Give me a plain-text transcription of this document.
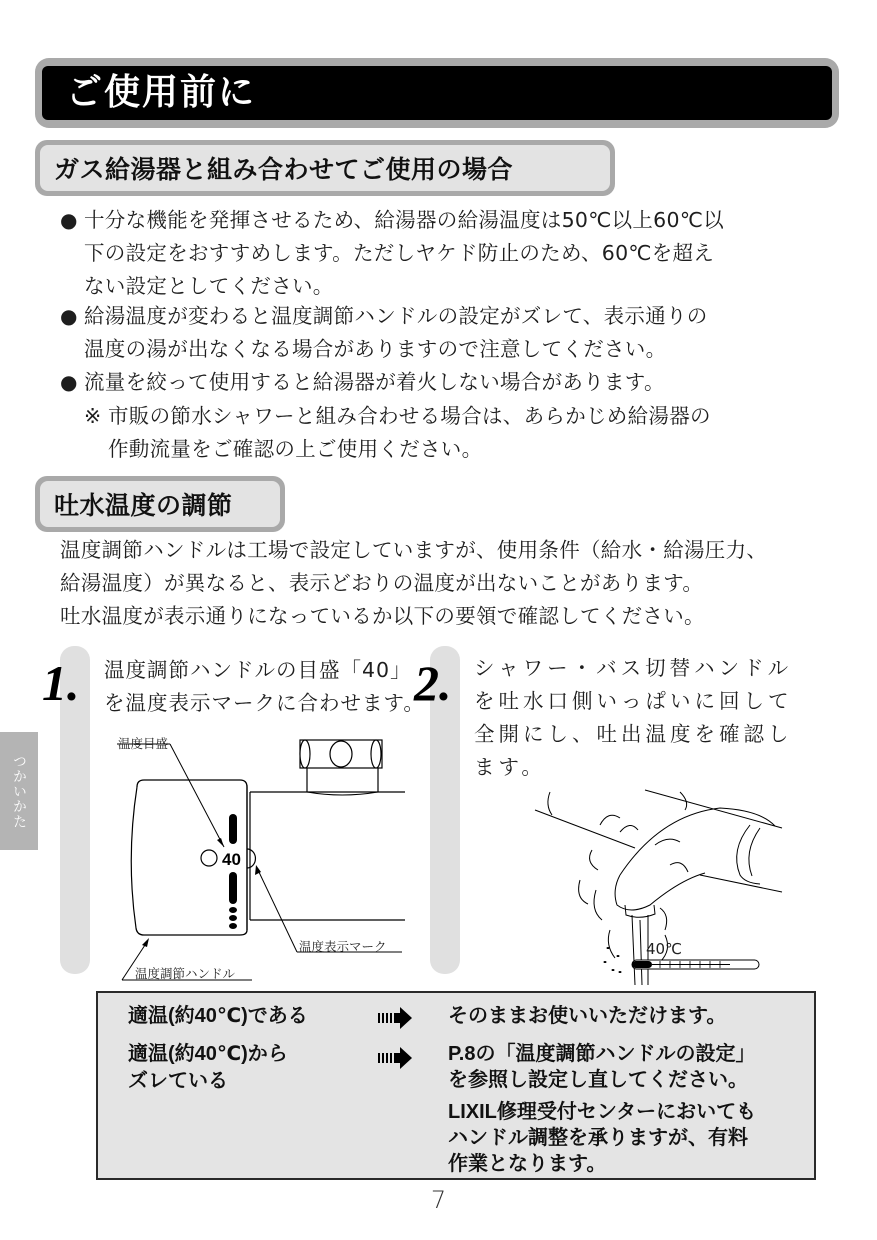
ご使用前に
ガス給湯器と組み合わせてご使用の場合
● 十分な機能を発揮させるため、給湯器の給湯温度は50℃以上60℃以
下の設定をおすすめします。ただしヤケド防止のため、60℃を超え
ない設定としてください。
● 給湯温度が変わると温度調節ハンドルの設定がズレて、表示通りの
温度の湯が出なくなる場合がありますので注意してください。
● 流量を絞って使用すると給湯器が着火しない場合があります。
※ 市販の節水シャワーと組み合わせる場合は、あらかじめ給湯器の
作動流量をご確認の上ご使用ください。
吐水温度の調節
温度調節ハンドルは工場で設定していますが、使用条件（給水・給湯圧力、
給湯温度）が異なると、表示どおりの温度が出ないことがあります。
吐水温度が表示通りになっているか以下の要領で確認してください。
1. 温度調節ハンドルの目盛「40」
を温度表示マークに合わせます。
40
温度目盛
温度表示マーク
温度調節ハンドル
2. シャワー・バス切替ハンドル
を吐水口側いっぱいに回して
全開にし、吐出温度を確認し
ます。
40℃
適温(約40℃)である	そのままお使いいただけます。
適温(約40℃)から
ズレている
P.8の「温度調節ハンドルの設定」
を参照し設定し直してください。
LIXIL修理受付センターにおいても
ハンドル調整を承りますが、有料
作業となります。
つかいかた
7
